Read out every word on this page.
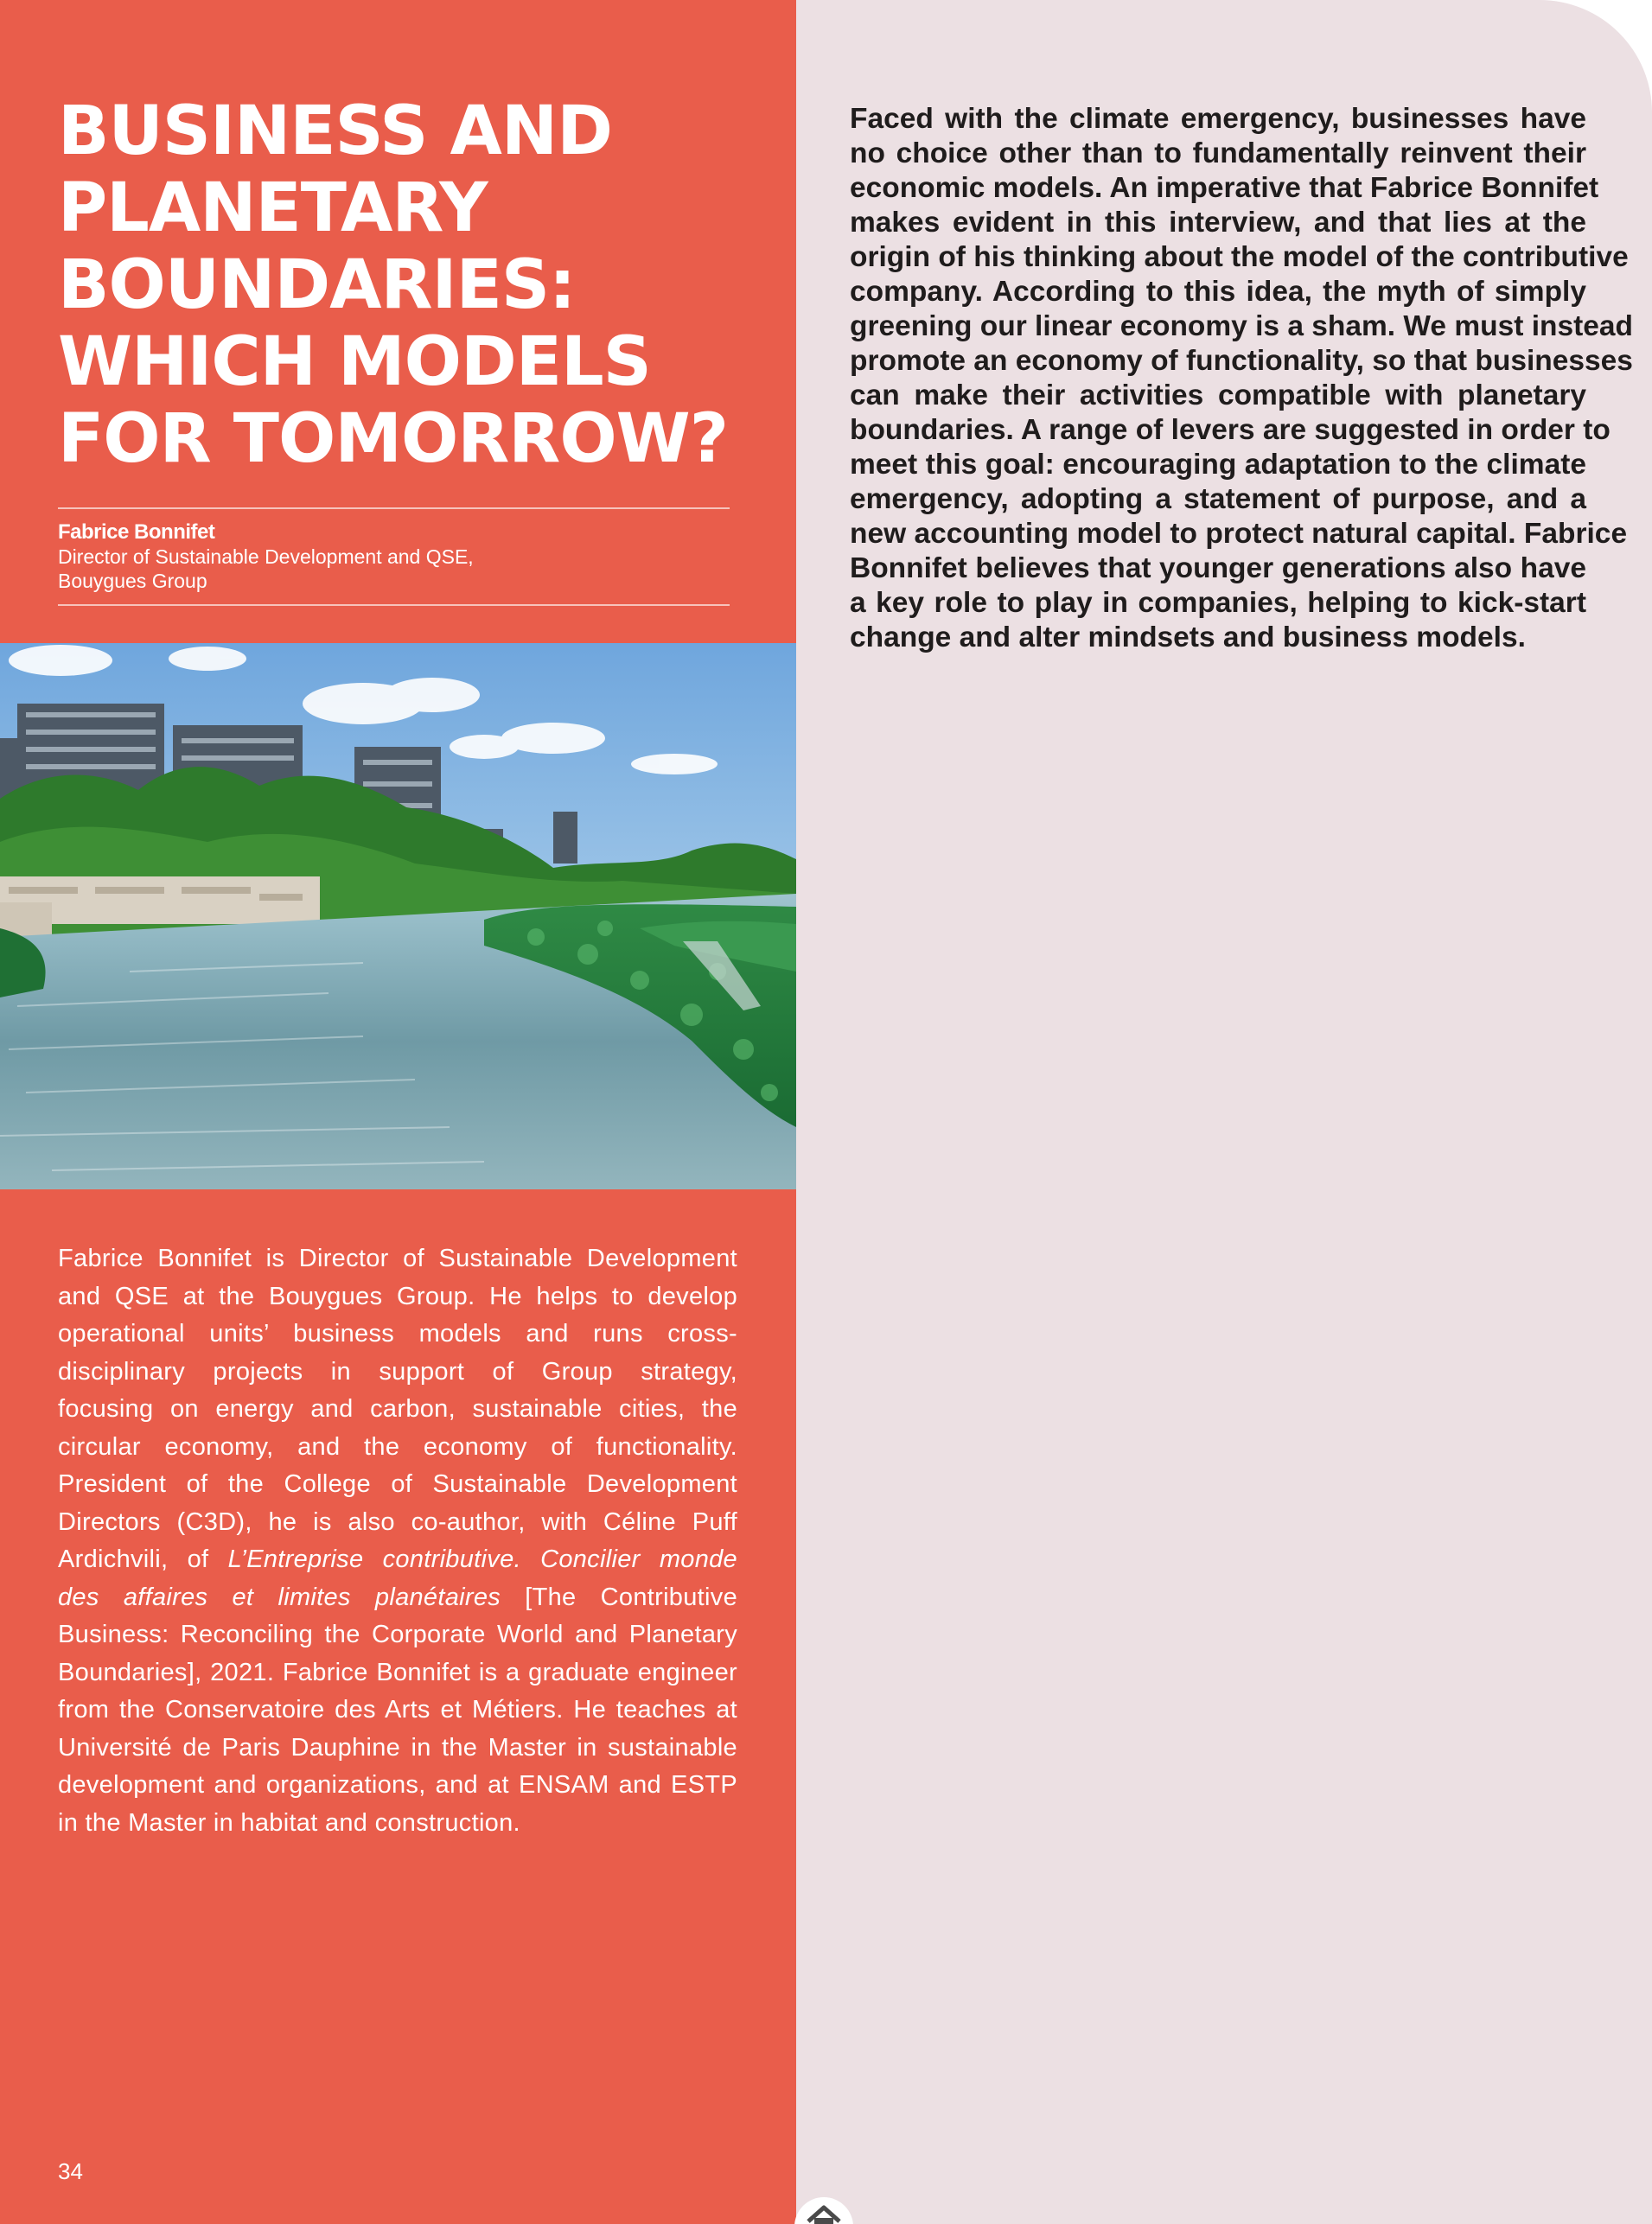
BUSINESS AND
PLANETARY
BOUNDARIES:
WHICH MODELS
FOR TOMORROW?
Fabrice Bonnifet
Director of Sustainable Development and QSE,
Bouygues Group
Fabrice Bonnifet is Director of Sustainable Development
and QSE at the Bouygues Group. He helps to develop
operational units’ business models and runs cross-
disciplinary projects in support of Group strategy,
focusing on energy and carbon, sustainable cities, the
circular economy, and the economy of functionality.
President of the College of Sustainable Development
Directors (C3D), he is also co-author, with Céline Puff
Ardichvili, of L’Entreprise contributive. Concilier monde
des affaires et limites planétaires [The Contributive
Business: Reconciling the Corporate World and Planetary
Boundaries], 2021. Fabrice Bonnifet is a graduate engineer
from the Conservatoire des Arts et Métiers. He teaches at
Université de Paris Dauphine in the Master in sustainable
development and organizations, and at ENSAM and ESTP
in the Master in habitat and construction.
34
Faced with the climate emergency, businesses have
no choice other than to fundamentally reinvent their
economic models. An imperative that Fabrice Bonnifet
makes evident in this interview, and that lies at the
origin of his thinking about the model of the contributive
company. According to this idea, the myth of simply
greening our linear economy is a sham. We must instead
promote an economy of functionality, so that businesses
can make their activities compatible with planetary
boundaries. A range of levers are suggested in order to
meet this goal: encouraging adaptation to the climate
emergency, adopting a statement of purpose, and a
new accounting model to protect natural capital. Fabrice
Bonnifet believes that younger generations also have
a key role to play in companies, helping to kick-start
change and alter mindsets and business models.
